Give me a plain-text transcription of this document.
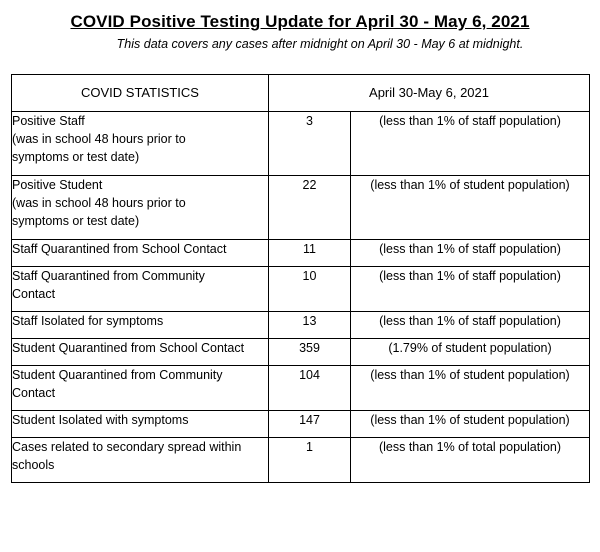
COVID Positive Testing Update for April 30 - May 6, 2021
This data covers any cases after midnight on April 30 - May 6 at midnight.
COVID STATISTICS	April 30-May 6, 2021	

Positive Staff
(was in school 48 hours prior to
symptoms or test date)	3	(less than 1% of staff population)

Positive Student
(was in school 48 hours prior to
symptoms or test date)	22	(less than 1% of student population)
Staff Quarantined from School Contact	11	(less than 1% of staff population)

Staff Quarantined from Community
Contact	10	(less than 1% of staff population)
Staff Isolated for symptoms	13	(less than 1% of staff population)
Student Quarantined from School Contact	359	(1.79% of student population)

Student Quarantined from Community
Contact	104	(less than 1% of student population)
Student Isolated with symptoms	147	(less than 1% of student population)

Cases related to secondary spread within
schools	1	(less than 1% of total population)
